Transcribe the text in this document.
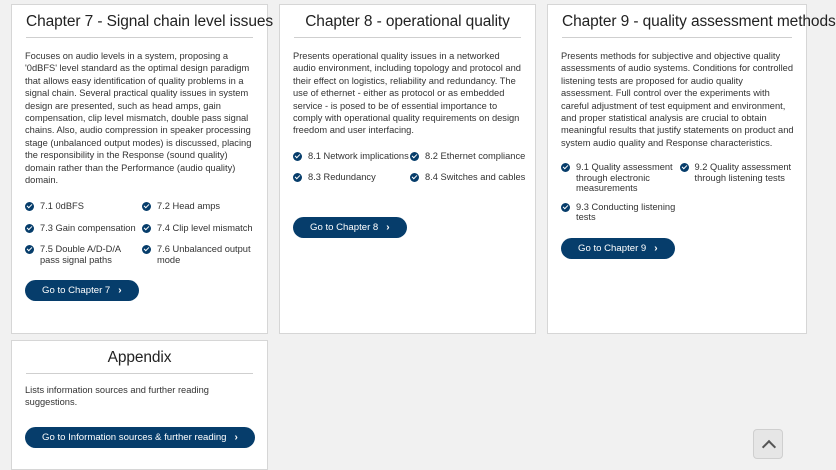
Chapter 7 - Signal chain level issues
Focuses on audio levels in a system, proposing a '0dBFS' level standard as the optimal design paradigm that allows easy identification of quality problems in a signal chain. Several practical quality issues in system design are presented, such as head amps, gain compensation, clip level mismatch, double pass signal chains. Also, audio compression in speaker processing stage (unbalanced output modes) is discussed, placing the responsibility in the Response (sound quality) domain rather than the Performance (audio quality) domain.
7.1 0dBFS	7.2 Head amps
7.3 Gain compensation 7.4 Clip level mismatch
7.5 Double A/D-D/A pass signal paths
7.6 Unbalanced output mode
Go to Chapter 7 ›
Chapter 8 - operational quality
Presents operational quality issues in a networked audio environment, including topology and protocol and their effect on logistics, reliability and redundancy. The use of ethernet - either as protocol or as embedded service - is posed to be of essential importance to comply with operational quality requirements on design freedom and user interfacing.
8.1 Network implications 8.2 Ethernet compliance
8.3 Redundancy	8.4 Switches and cables
Go to Chapter 8 ›
Chapter 9 - quality assessment methods
Presents methods for subjective and objective quality assessments of audio systems. Conditions for controlled listening tests are proposed for audio quality assessment. Full control over the experiments with careful adjustment of test equipment and environment, and proper statistical analysis are crucial to obtain meaningful results that justify statements on product and system audio quality and Response characteristics.
9.1 Quality assessment through electronic measurements
9.2 Quality assessment through listening tests
9.3 Conducting listening tests
Go to Chapter 9 ›
Appendix
Lists information sources and further reading suggestions.
Go to Information sources & further reading ›
